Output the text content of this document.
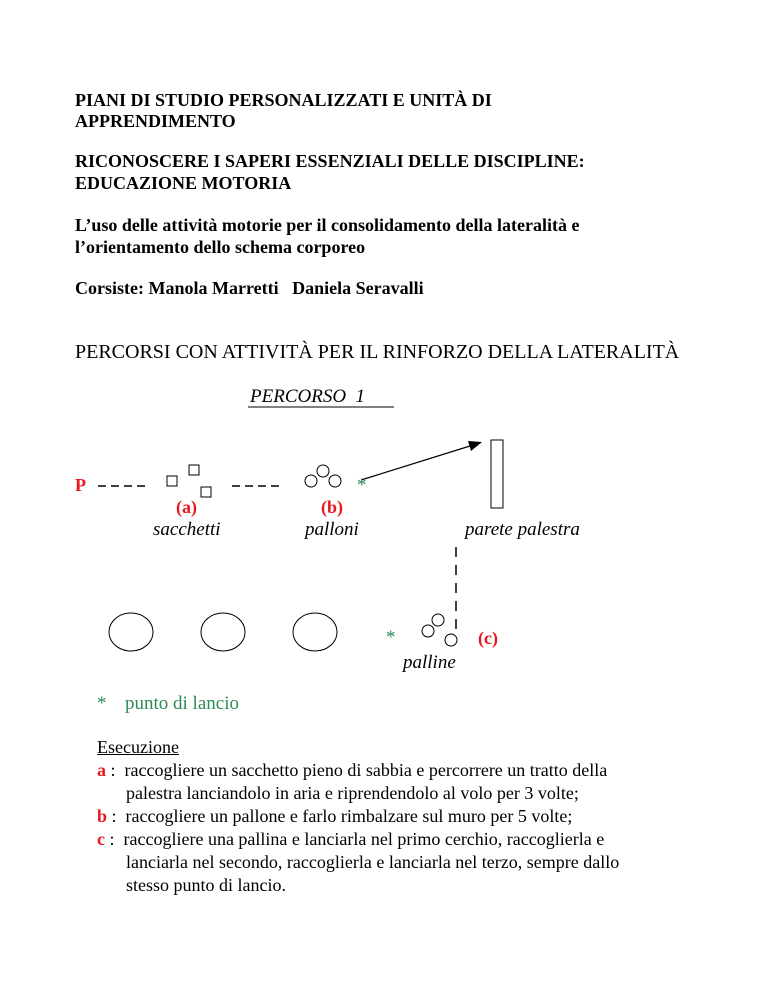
PIANI DI STUDIO PERSONALIZZATI E UNITÀ DI
APPRENDIMENTO
RICONOSCERE I SAPERI ESSENZIALI DELLE DISCIPLINE:
EDUCAZIONE MOTORIA
L’uso delle attività motorie per il consolidamento della lateralità e
l’orientamento dello schema corporeo
Corsiste: Manola Marretti   Daniela Seravalli
PERCORSI CON ATTIVITÀ PER IL RINFORZO DELLA LATERALITÀ
PERCORSO  1
P
(a)
sacchetti
*
(b)
palloni	parete palestra
*	(c)
palline
* punto di lancio
Esecuzione
a :  raccogliere un sacchetto pieno di sabbia e percorrere un tratto della
palestra lanciandolo in aria e riprendendolo al volo per 3 volte;
b :  raccogliere un pallone e farlo rimbalzare sul muro per 5 volte;
c :  raccogliere una pallina e lanciarla nel primo cerchio, raccoglierla e
lanciarla nel secondo, raccoglierla e lanciarla nel terzo, sempre dallo
stesso punto di lancio.
